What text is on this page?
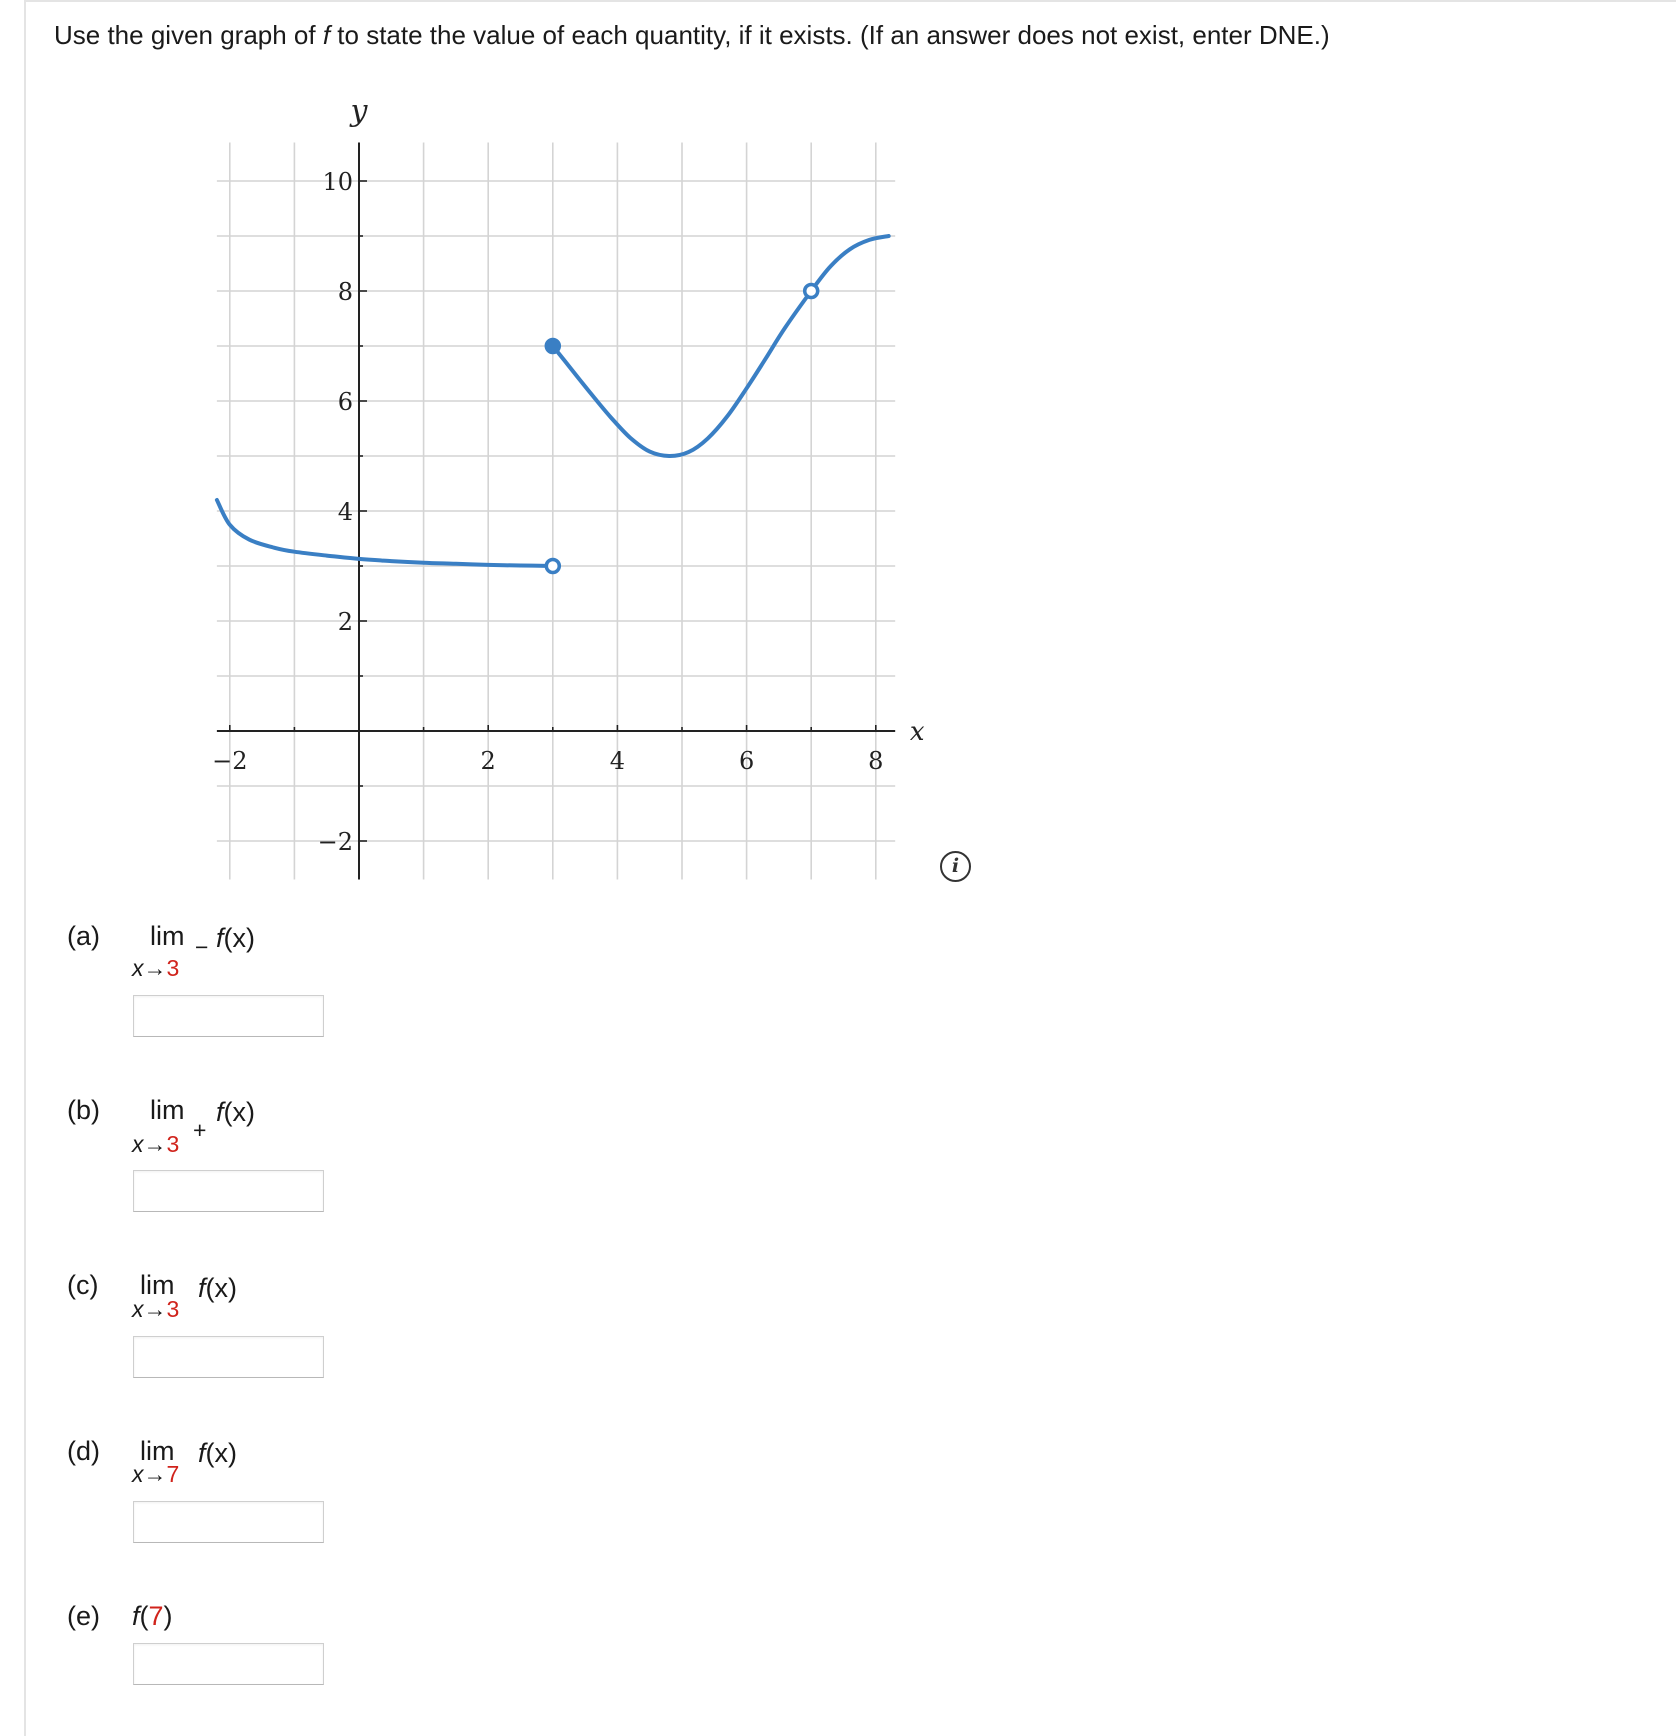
Use the given graph of f to state the value of each quantity, if it exists. (If an answer does not exist, enter DNE.)
−2	2	4	6	8
−2
2
4
6
8
10
x
y
i
(a) lim f(x)
x→3
−
(b) lim f(x)
x→3
+
(c) lim f(x)
x→3
(d) lim f(x)
x→7
(e) f(7)
